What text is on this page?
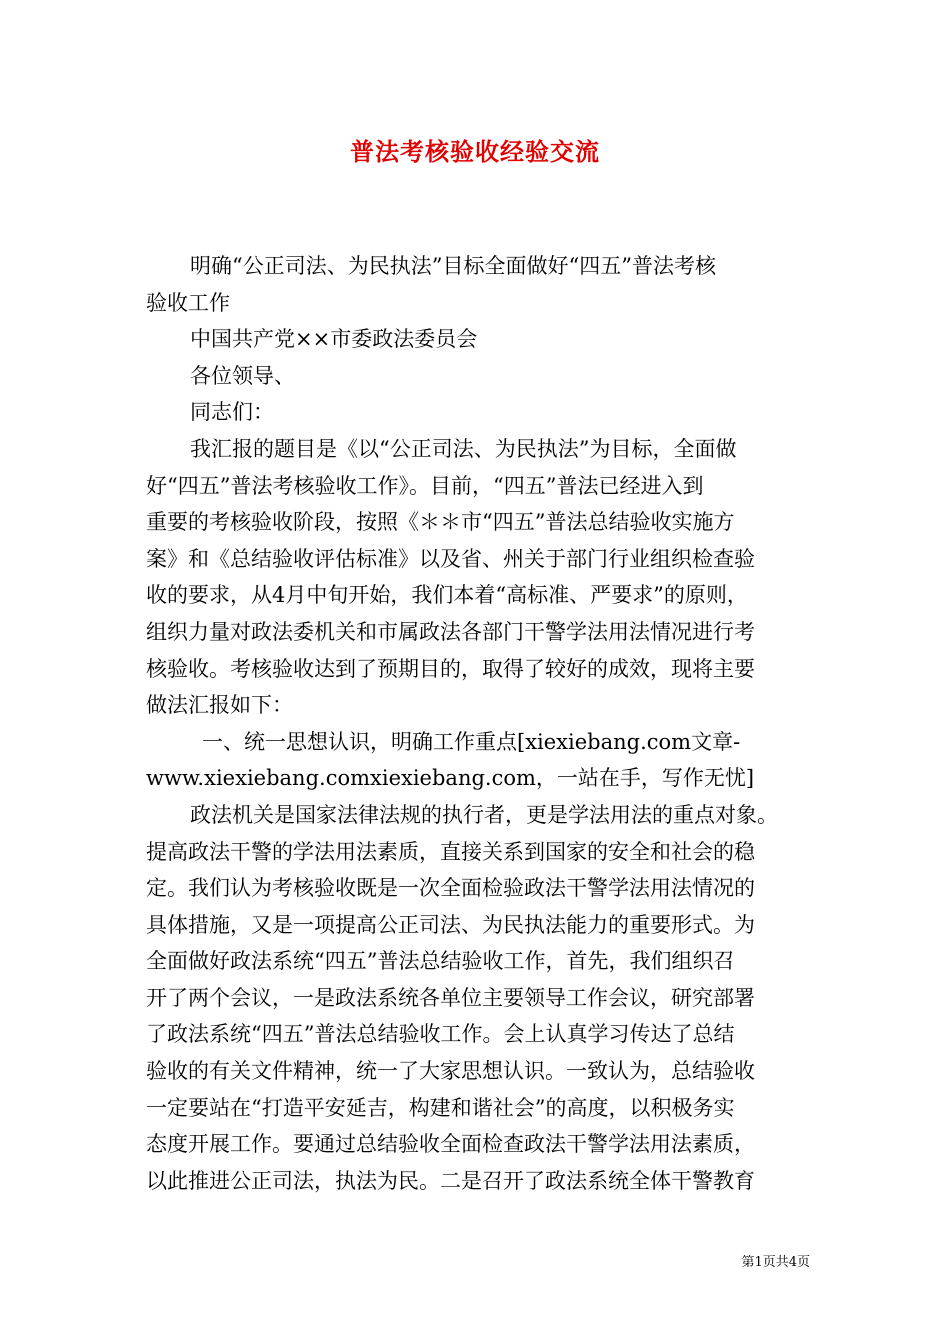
普法考核验收经验交流
明确“公正司法、为民执法”目标全面做好“四五”普法考核
验收工作
中国共产党××市委政法委员会
各位领导、
同志们：
我汇报的题目是《以“公正司法、为民执法”为目标，全面做
好“四五”普法考核验收工作》。目前，“四五”普法已经进入到
重要的考核验收阶段，按照《＊＊市“四五”普法总结验收实施方
案》和《总结验收评估标准》以及省、州关于部门行业组织检查验
收的要求，从4月中旬开始，我们本着“高标准、严要求”的原则，
组织力量对政法委机关和市属政法各部门干警学法用法情况进行考
核验收。考核验收达到了预期目的，取得了较好的成效，现将主要
做法汇报如下：
一、统一思想认识，明确工作重点[xiexiebang.com文章-
www.xiexiebang.comxiexiebang.com，一站在手，写作无忧]
政法机关是国家法律法规的执行者，更是学法用法的重点对象。
提高政法干警的学法用法素质，直接关系到国家的安全和社会的稳
定。我们认为考核验收既是一次全面检验政法干警学法用法情况的
具体措施，又是一项提高公正司法、为民执法能力的重要形式。为
全面做好政法系统“四五”普法总结验收工作，首先，我们组织召
开了两个会议，一是政法系统各单位主要领导工作会议，研究部署
了政法系统“四五”普法总结验收工作。会上认真学习传达了总结
验收的有关文件精神，统一了大家思想认识。一致认为，总结验收
一定要站在“打造平安延吉，构建和谐社会”的高度，以积极务实
态度开展工作。要通过总结验收全面检查政法干警学法用法素质，
以此推进公正司法，执法为民。二是召开了政法系统全体干警教育
第1页共4页
